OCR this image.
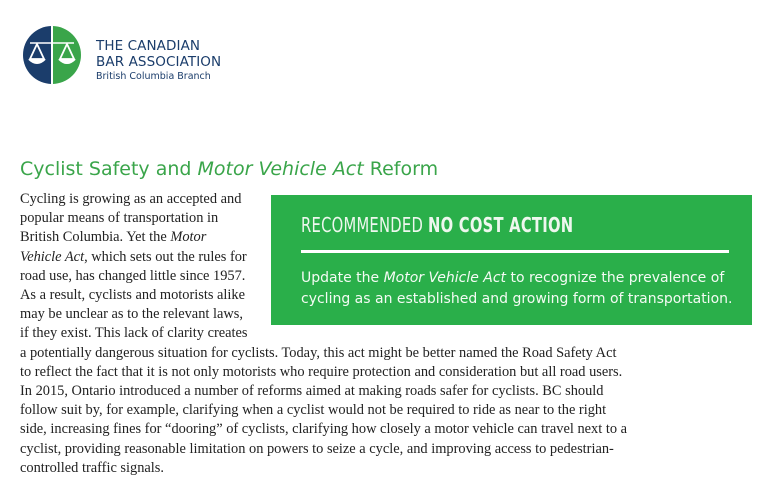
THE CANADIAN
BAR ASSOCIATION
British Columbia Branch
Cyclist Safety and Motor Vehicle Act Reform
Cycling is growing as an accepted and popular means of transportation in British Columbia. Yet the Motor Vehicle Act, which sets out the rules for road use, has changed little since 1957. As a result, cyclists and motorists alike may be unclear as to the relevant laws, if they exist. This lack of clarity creates a potentially dangerous situation for cyclists. Today, this act might be better named the Road Safety Act to reflect the fact that it is not only motorists who require protection and consideration but all road users. In 2015, Ontario introduced a number of reforms aimed at making roads safer for cyclists. BC should follow suit by, for example, clarifying when a cyclist would not be required to ride as near to the right side, increasing fines for “dooring” of cyclists, clarifying how closely a motor vehicle can travel next to a cyclist, providing reasonable limitation on powers to seize a cycle, and improving access to pedestrian-controlled traffic signals.
RECOMMENDED NO COST ACTION
Update the Motor Vehicle Act to recognize the prevalence of cycling as an established and growing form of transportation.
